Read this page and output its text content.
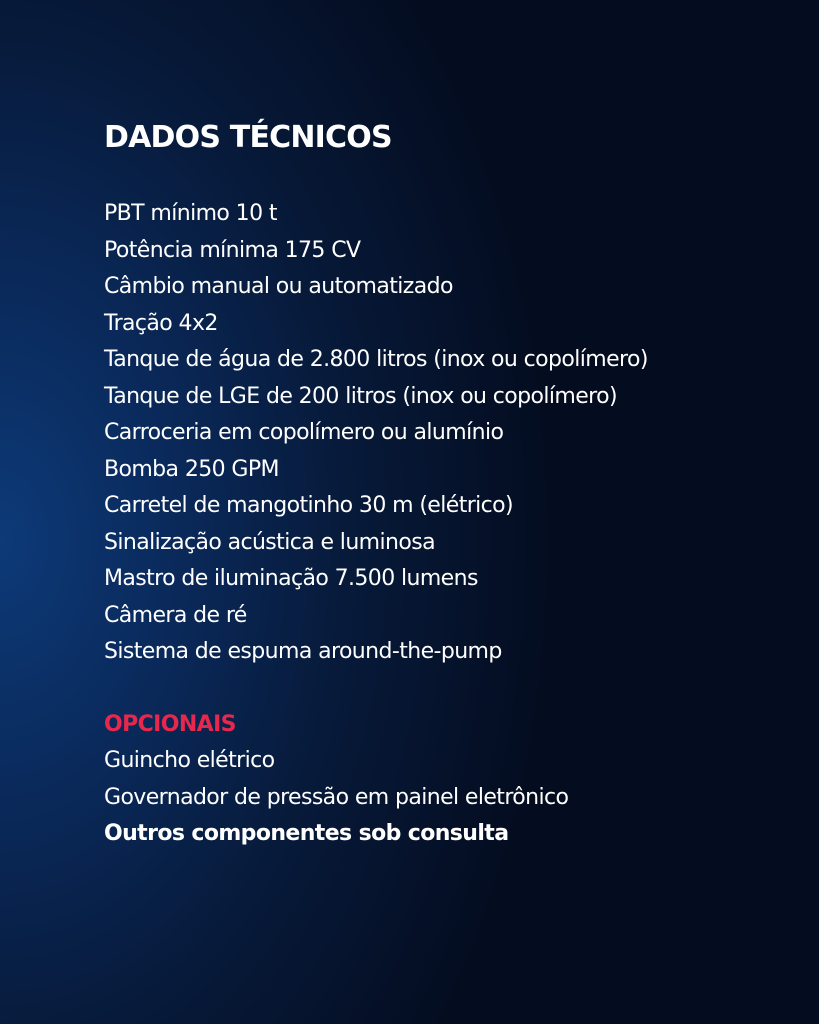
DADOS TÉCNICOS
PBT mínimo 10 t
Potência mínima 175 CV
Câmbio manual ou automatizado
Tração 4x2
Tanque de água de 2.800 litros (inox ou copolímero)
Tanque de LGE de 200 litros (inox ou copolímero)
Carroceria em copolímero ou alumínio
Bomba 250 GPM
Carretel de mangotinho 30 m (elétrico)
Sinalização acústica e luminosa
Mastro de iluminação 7.500 lumens
Câmera de ré
Sistema de espuma around-the-pump
OPCIONAIS
Guincho elétrico
Governador de pressão em painel eletrônico
Outros componentes sob consulta
